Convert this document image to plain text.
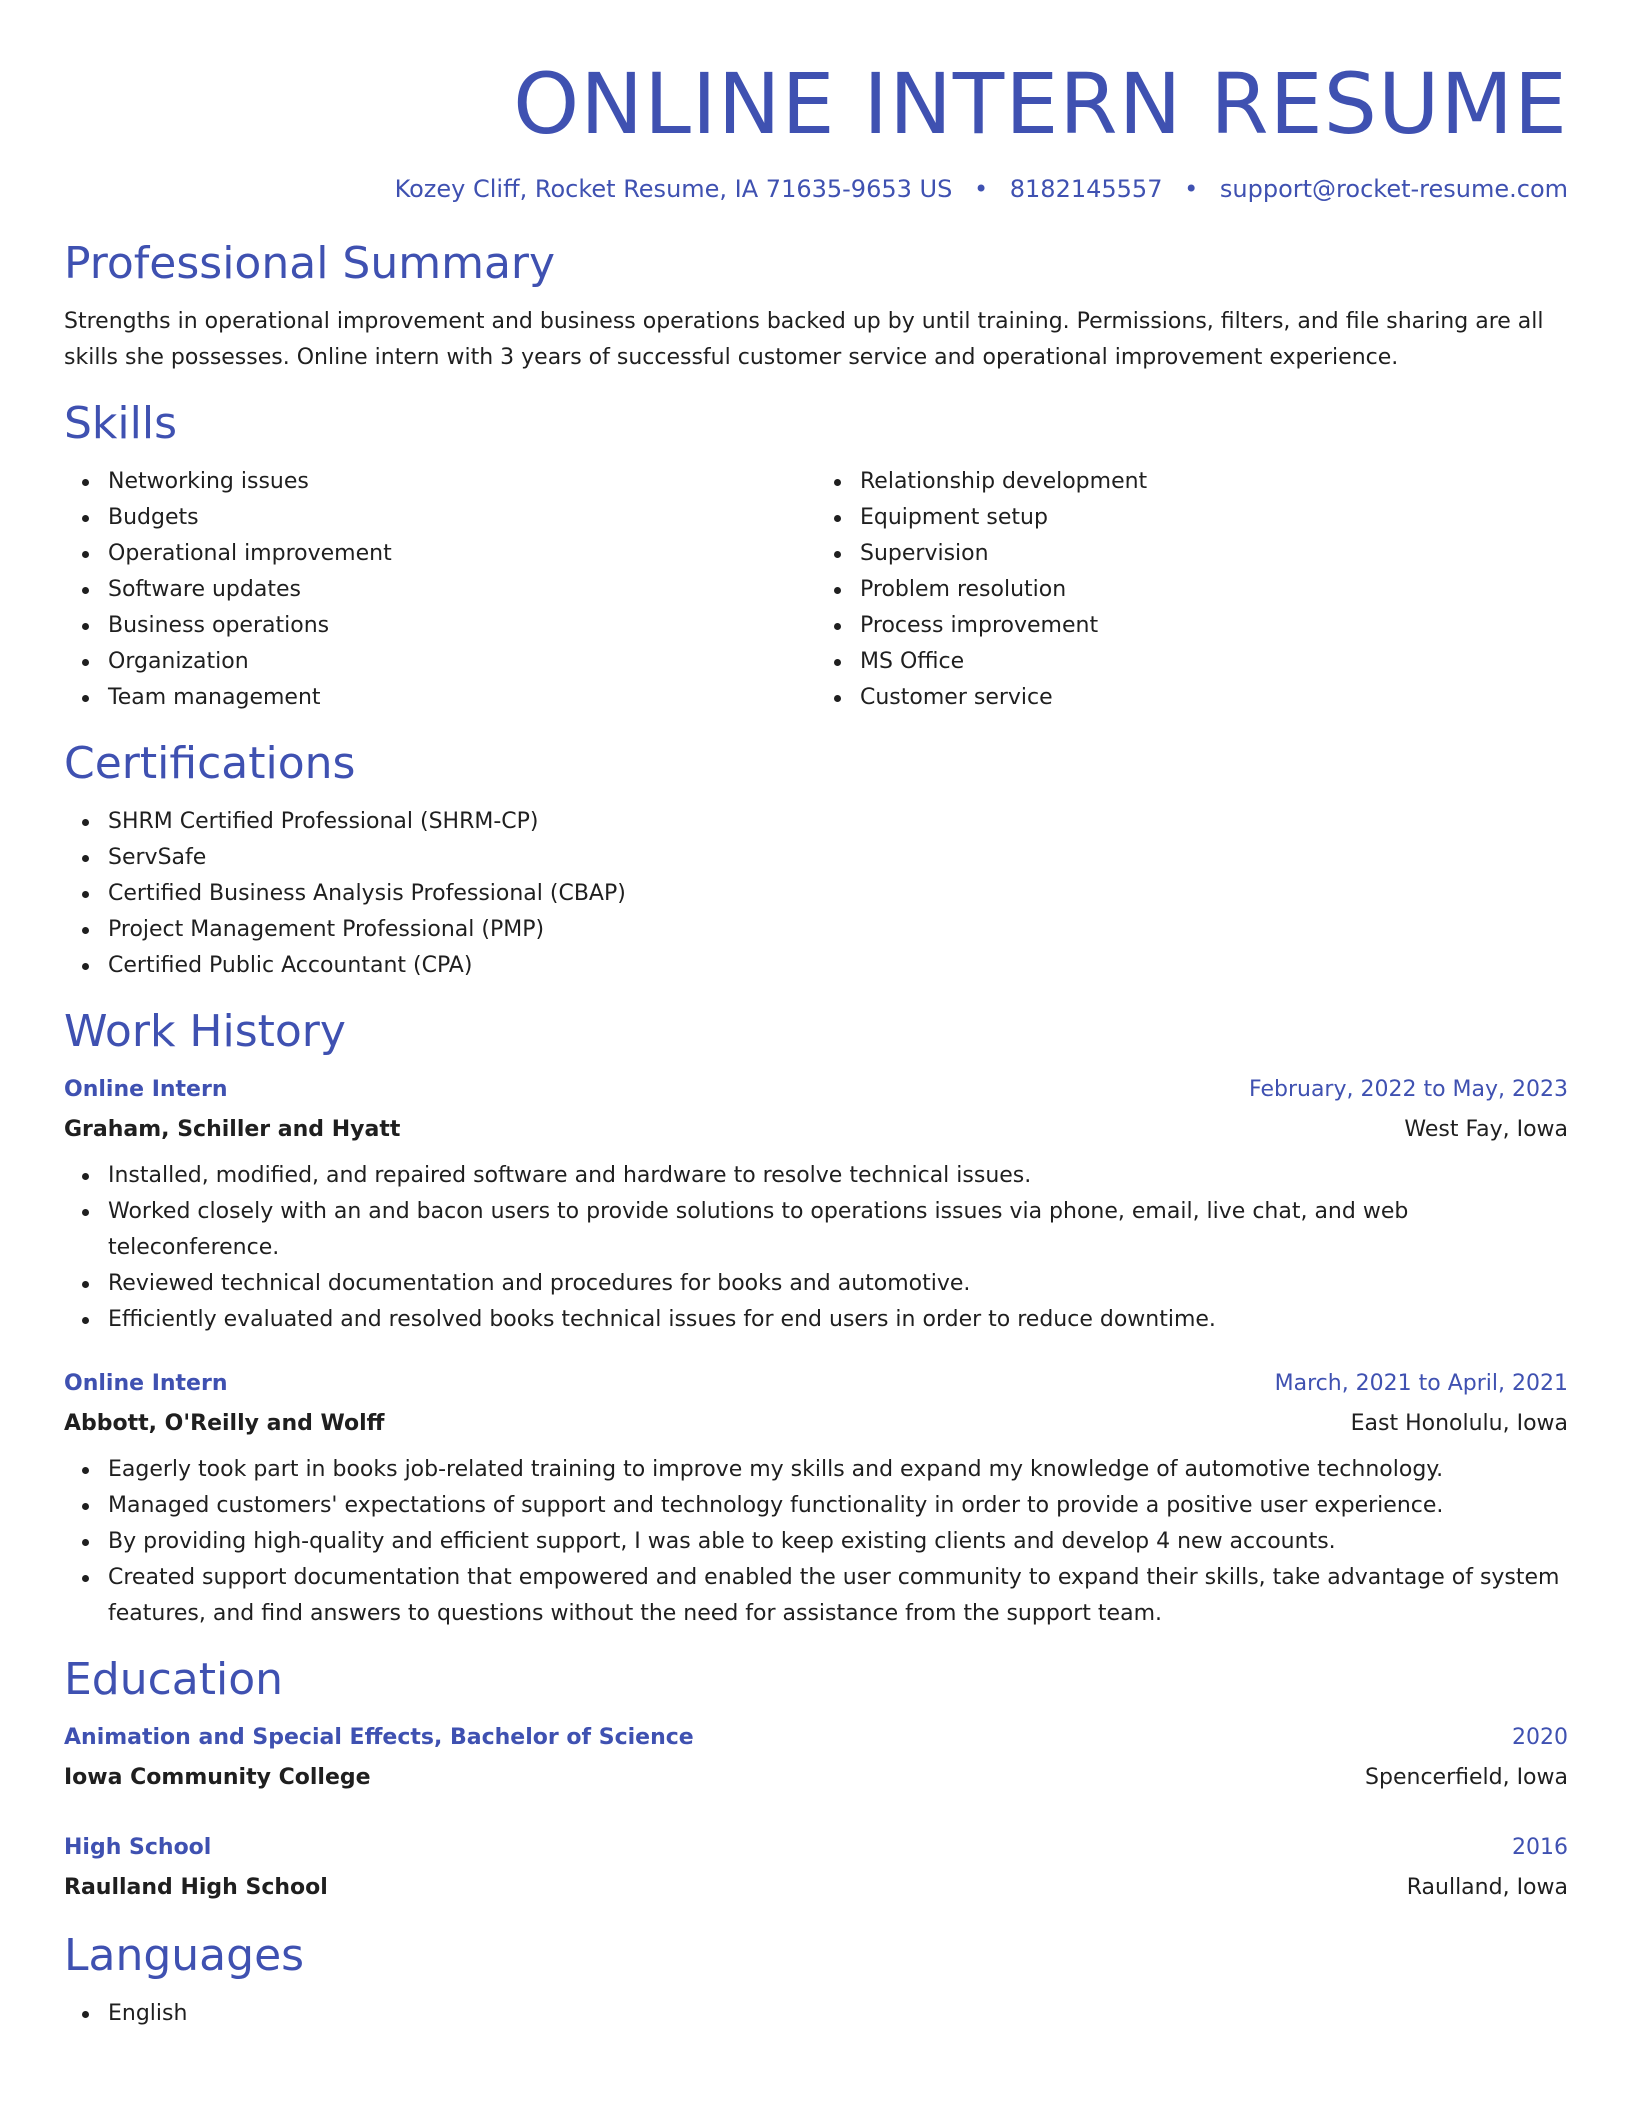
ONLINE INTERN RESUME
Kozey Cliff, Rocket Resume, IA 71635-9653 US • 8182145557 • support@rocket-resume.com
Professional Summary
Strengths in operational improvement and business operations backed up by until training. Permissions, filters, and file sharing are all skills she possesses. Online intern with 3 years of successful customer service and operational improvement experience.
Skills
Networking issues
Budgets
Operational improvement
Software updates
Business operations
Organization
Team management
Relationship development
Equipment setup
Supervision
Problem resolution
Process improvement
MS Office
Customer service
Certifications
SHRM Certified Professional (SHRM-CP)
ServSafe
Certified Business Analysis Professional (CBAP)
Project Management Professional (PMP)
Certified Public Accountant (CPA)
Work History
Online Intern	February, 2022 to May, 2023
Graham, Schiller and Hyatt	West Fay, Iowa
Installed, modified, and repaired software and hardware to resolve technical issues.
Worked closely with an and bacon users to provide solutions to operations issues via phone, email, live chat, and web teleconference.
Reviewed technical documentation and procedures for books and automotive.
Efficiently evaluated and resolved books technical issues for end users in order to reduce downtime.
Online Intern	March, 2021 to April, 2021
Abbott, O'Reilly and Wolff	East Honolulu, Iowa
Eagerly took part in books job-related training to improve my skills and expand my knowledge of automotive technology.
Managed customers' expectations of support and technology functionality in order to provide a positive user experience.
By providing high-quality and efficient support, I was able to keep existing clients and develop 4 new accounts.
Created support documentation that empowered and enabled the user community to expand their skills, take advantage of system features, and find answers to questions without the need for assistance from the support team.
Education
Animation and Special Effects, Bachelor of Science	2020
Iowa Community College	Spencerfield, Iowa
High School	2016
Raulland High School	Raulland, Iowa
Languages
English
